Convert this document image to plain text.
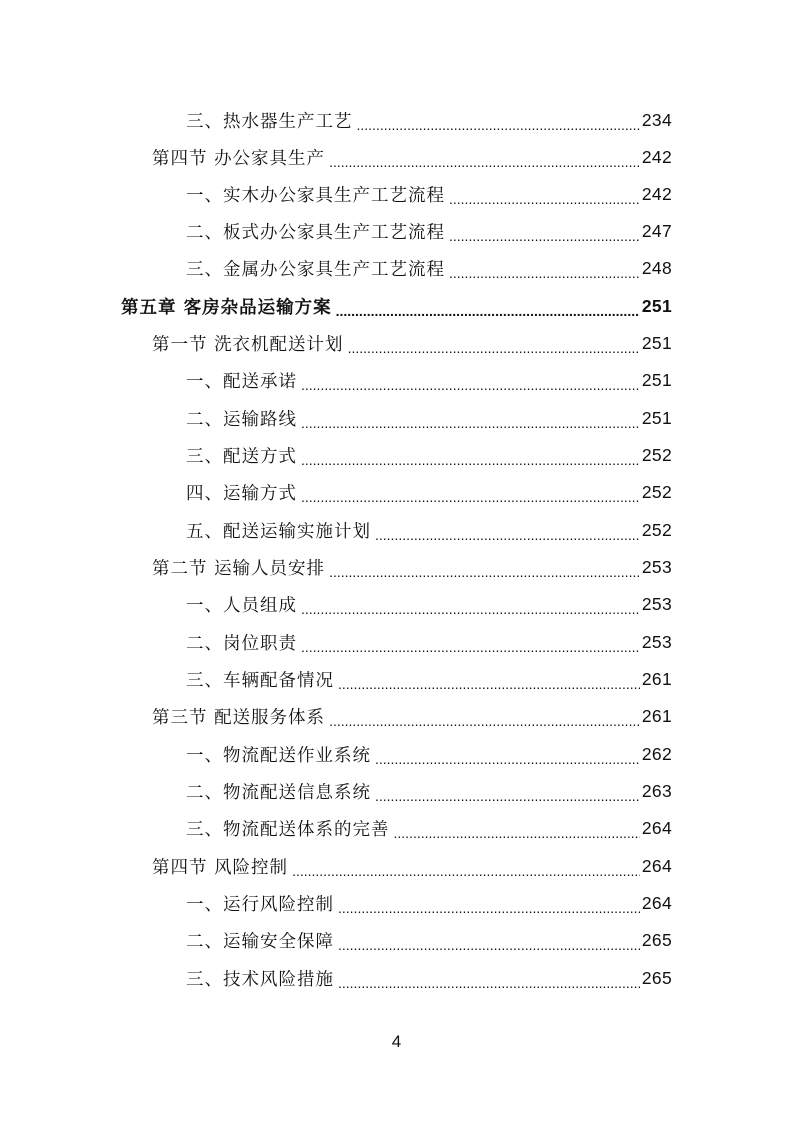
三、热水器生产工艺 .....	234
第四节 办公家具生产 .....	242
一、实木办公家具生产工艺流程 .....	242
二、板式办公家具生产工艺流程 .....	247
三、金属办公家具生产工艺流程 .....	248
第五章 客房杂品运输方案 .....	251
第一节 洗衣机配送计划 .....	251
一、配送承诺 .....	251
二、运输路线 .....	251
三、配送方式 .....	252
四、运输方式 .....	252
五、配送运输实施计划 .....	252
第二节 运输人员安排 .....	253
一、人员组成 .....	253
二、岗位职责 .....	253
三、车辆配备情况 .....	261
第三节 配送服务体系 .....	261
一、物流配送作业系统 .....	262
二、物流配送信息系统 .....	263
三、物流配送体系的完善 .....	264
第四节 风险控制 .....	264
一、运行风险控制 .....	264
二、运输安全保障 .....	265
三、技术风险措施 .....	265
4
